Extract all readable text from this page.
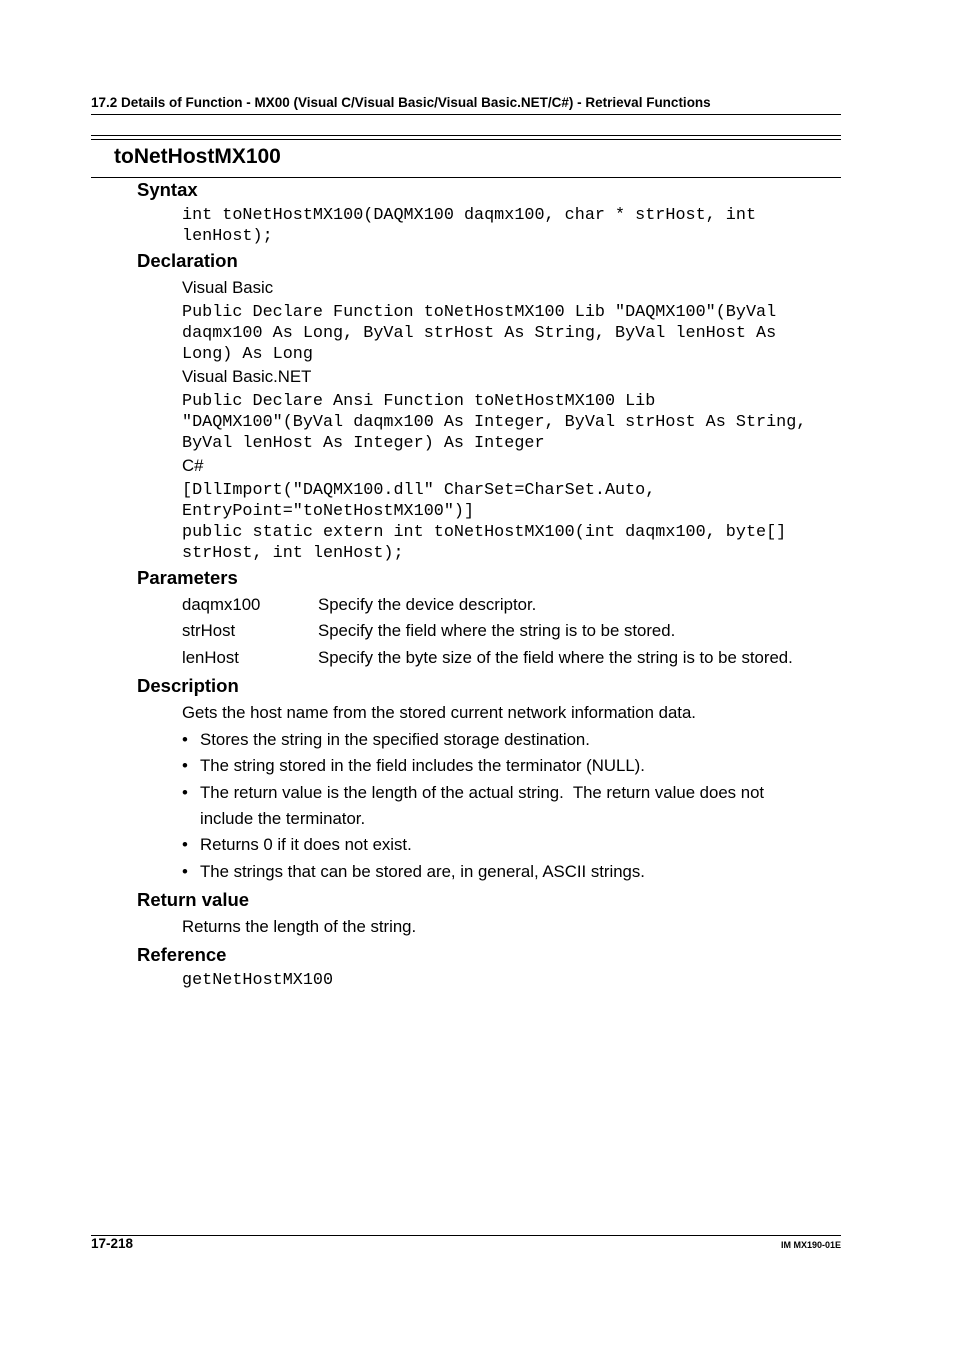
17.2 Details of Function - MX00 (Visual C/Visual Basic/Visual Basic.NET/C#) - Retrieval Functions
toNetHostMX100
Syntax
int toNetHostMX100(DAQMX100 daqmx100, char * strHost, int
lenHost);
Declaration
Visual Basic
Public Declare Function toNetHostMX100 Lib "DAQMX100"(ByVal
daqmx100 As Long, ByVal strHost As String, ByVal lenHost As
Long) As Long
Visual Basic.NET
Public Declare Ansi Function toNetHostMX100 Lib
"DAQMX100"(ByVal daqmx100 As Integer, ByVal strHost As String,
ByVal lenHost As Integer) As Integer
C#
[DllImport("DAQMX100.dll" CharSet=CharSet.Auto,
EntryPoint="toNetHostMX100")]
public static extern int toNetHostMX100(int daqmx100, byte[]
strHost, int lenHost);
Parameters
daqmx100	Specify the device descriptor.
strHost	Specify the field where the string is to be stored.
lenHost	Specify the byte size of the field where the string is to be stored.
Description
Gets the host name from the stored current network information data.
• Stores the string in the specified storage destination.
• The string stored in the field includes the terminator (NULL).
• The return value is the length of the actual string.  The return value does not
include the terminator.
• Returns 0 if it does not exist.
• The strings that can be stored are, in general, ASCII strings.
Return value
Returns the length of the string.
Reference
getNetHostMX100
17-218	IM MX190-01E
